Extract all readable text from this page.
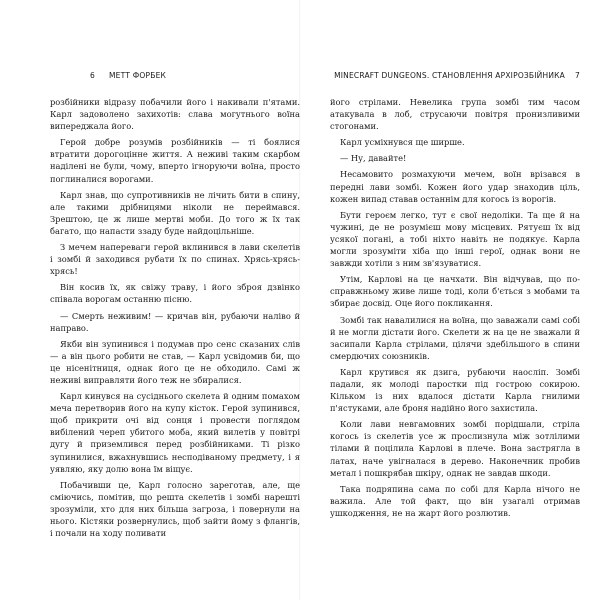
6 МЕТТ ФОРБЕК

розбійники відразу побачили його і накивали п'ятами. Карл задоволено захихотів: слава могутнього воїна випереджала його.

Герой добре розумів розбійників — ті боялися втратити дорогоцінне життя. А неживі таким скарбом наділені не були, чому, вперто ігноруючи воїна, просто поглиналися ворогами.

Карл знав, що супротивників не лічить бити в спину, але такими дрібницями ніколи не переймався. Зрештою, це ж лише мертві моби. До того ж їх так багато, що напасти ззаду буде найдоцільніше.

З мечем напереваги герой вклинився в лави скелетів і зомбі й заходився рубати їх по спинах. Хрясь-хрясь-хрясь!

Він косив їх, як свіжу траву, і його зброя дзвінко співала ворогам останню пісню.

— Смерть неживим! — кричав він, рубаючи наліво й направо.

Якби він зупинився і подумав про сенс сказаних слів — а він цього робити не став, — Карл усвідомив би, що це нісенітниця, однак його це не обходило. Самі ж неживі виправляти його теж не збиралися.

Карл кинувся на сусіднього скелета й одним помахом меча перетворив його на купу кісток. Герой зупинився, щоб прикрити очі від сонця і провести поглядом вибілений череп убитого моба, який вилетів у повітрі дугу й приземлився перед розбійниками. Ті різко зупинилися, вжахнувшись несподіваному предмету, і я уявляю, яку долю вона їм віщує.

Побачивши це, Карл голосно зареготав, але, ще сміючись, помітив, що решта скелетів і зомбі нарешті зрозуміли, хто для них більша загроза, і повернули на нього. Кістяки розвернулись, щоб зайти йому з флангів, і почали на ходу поливати

MINECRAFT DUNGEONS. СТАНОВЛЕННЯ АРХІРОЗБІЙНИКА 7

його стрілами. Невелика група зомбі тим часом атакувала в лоб, струсаючи повітря пронизливими стогонами.

Карл усміхнувся ще ширше.

— Ну, давайте!

Несамовито розмахуючи мечем, воїн врізався в передні лави зомбі. Кожен його удар знаходив ціль, кожен випад ставав останнім для когось із ворогів.

Бути героєм легко, тут є свої недоліки. Та ще й на чужині, де не розумієш мову місцевих. Рятуєш їх від усякої погані, а тобі ніхто навіть не подякує. Карла могли зрозуміти хіба що інші герої, однак вони не завжди хотіли з ним зв'язуватися.

Утім, Карлові на це начхати. Він відчував, що по-справжньому живе лише тоді, коли б'ється з мобами та збирає досвід. Оце його покликання.

Зомбі так навалилися на воїна, що заважали самі собі й не могли дістати його. Скелети ж на це не зважали й засипали Карла стрілами, цілячи здебільшого в спини смердючих союзників.

Карл крутився як дзига, рубаючи наосліп. Зомбі падали, як молоді паростки під гострою сокирою. Кільком із них вдалося дістати Карла гнилими п'ястуками, але броня надійно його захистила.

Коли лави невгамовних зомбі порідшали, стріла когось із скелетів усе ж прослизнула між зотлілими тілами й поцілила Карлові в плече. Вона застрягла в латах, наче увігналася в дерево. Наконечник пробив метал і пошкрябав шкіру, однак не завдав шкоди.

Така подряпина сама по собі для Карла нічого не важила. Але той факт, що він узагалі отримав ушкодження, не на жарт його розлютив.
